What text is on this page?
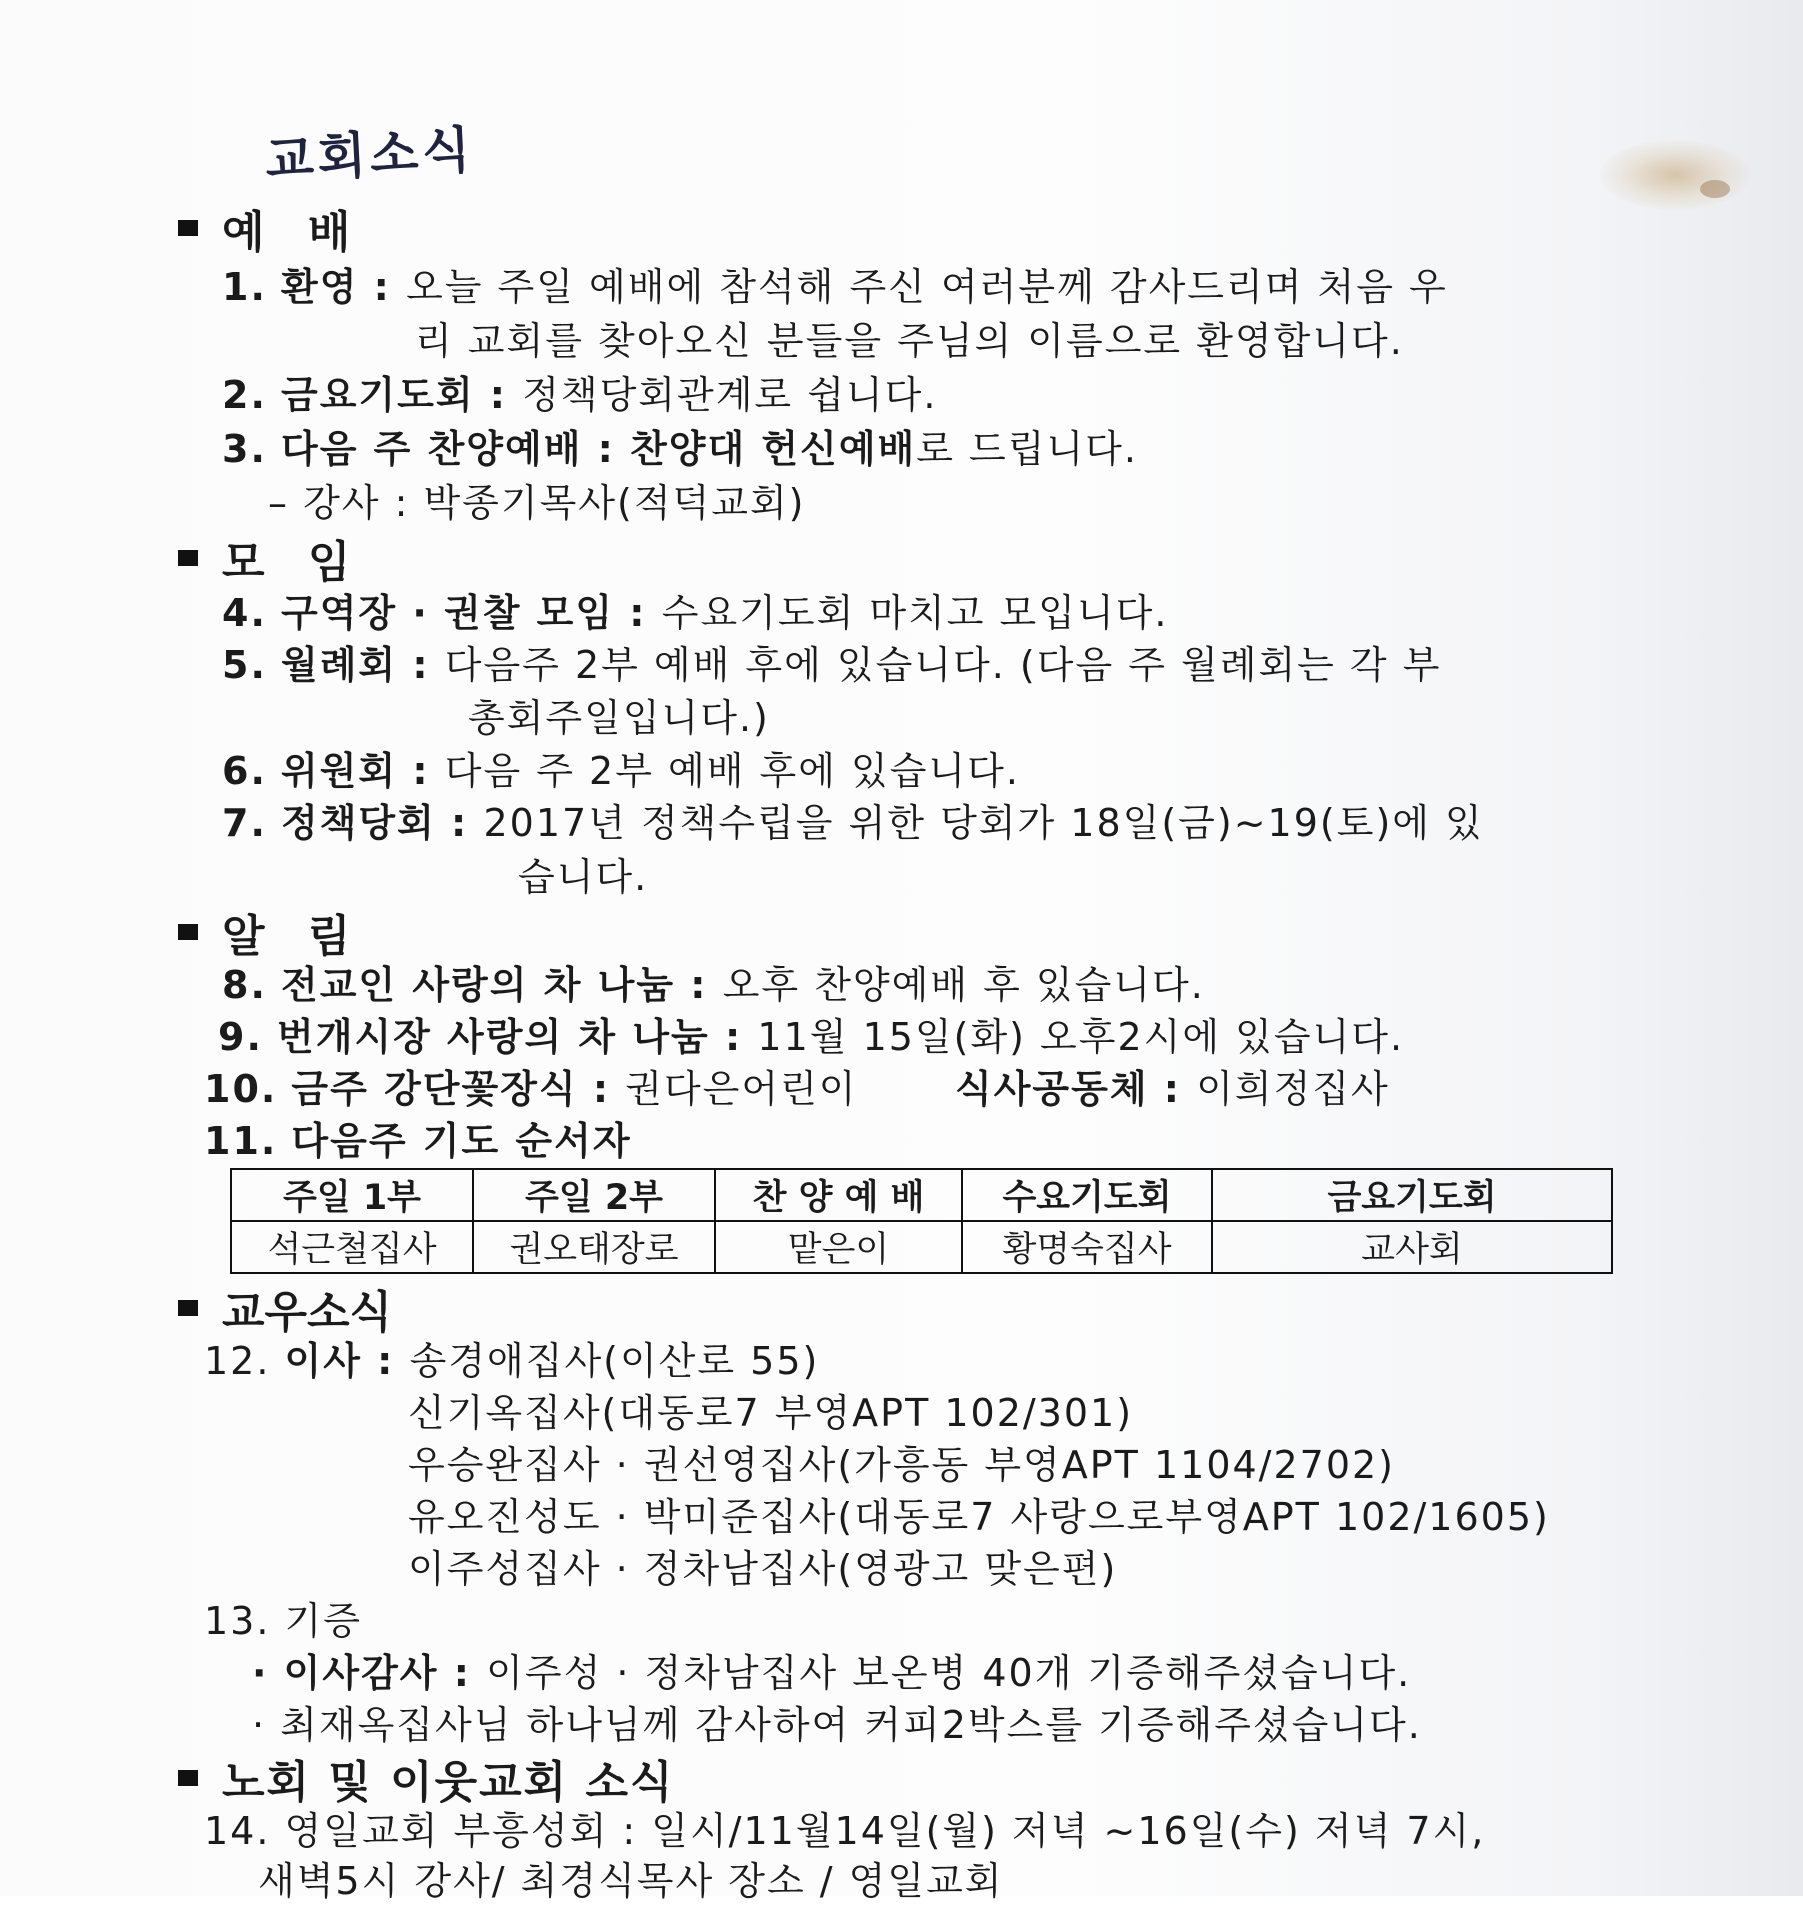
교회소식
예 배
1. 환영 : 오늘 주일 예배에 참석해 주신 여러분께 감사드리며 처음 우
리 교회를 찾아오신 분들을 주님의 이름으로 환영합니다.
2. 금요기도회 : 정책당회관계로 쉽니다.
3. 다음 주 찬양예배 : 찬양대 헌신예배로 드립니다.
– 강사 : 박종기목사(적덕교회)
모 임
4. 구역장 · 권찰 모임 : 수요기도회 마치고 모입니다.
5. 월례회 : 다음주 2부 예배 후에 있습니다. (다음 주 월례회는 각 부
총회주일입니다.)
6. 위원회 : 다음 주 2부 예배 후에 있습니다.
7. 정책당회 : 2017년 정책수립을 위한 당회가 18일(금)~19(토)에 있
습니다.
알 림
8. 전교인 사랑의 차 나눔 : 오후 찬양예배 후 있습니다.
9. 번개시장 사랑의 차 나눔 : 11월 15일(화) 오후2시에 있습니다.
10. 금주 강단꽃장식 : 권다은어린이	식사공동체 : 이희정집사
11. 다음주 기도 순서자
주일 1부	주일 2부	찬 양 예 배	수요기도회	금요기도회
석근철집사	권오태장로	맡은이	황명숙집사	교사회
교우소식
12. 이사 : 송경애집사(이산로 55)
신기옥집사(대동로7 부영APT 102/301)
우승완집사 · 권선영집사(가흥동 부영APT 1104/2702)
유오진성도 · 박미준집사(대동로7 사랑으로부영APT 102/1605)
이주성집사 · 정차남집사(영광고 맞은편)
13. 기증
· 이사감사 : 이주성 · 정차남집사 보온병 40개 기증해주셨습니다.
· 최재옥집사님 하나님께 감사하여 커피2박스를 기증해주셨습니다.
노회 및 이웃교회 소식
14. 영일교회 부흥성회 : 일시/11월14일(월) 저녁 ~16일(수) 저녁 7시,
새벽5시 강사/ 최경식목사 장소 / 영일교회
